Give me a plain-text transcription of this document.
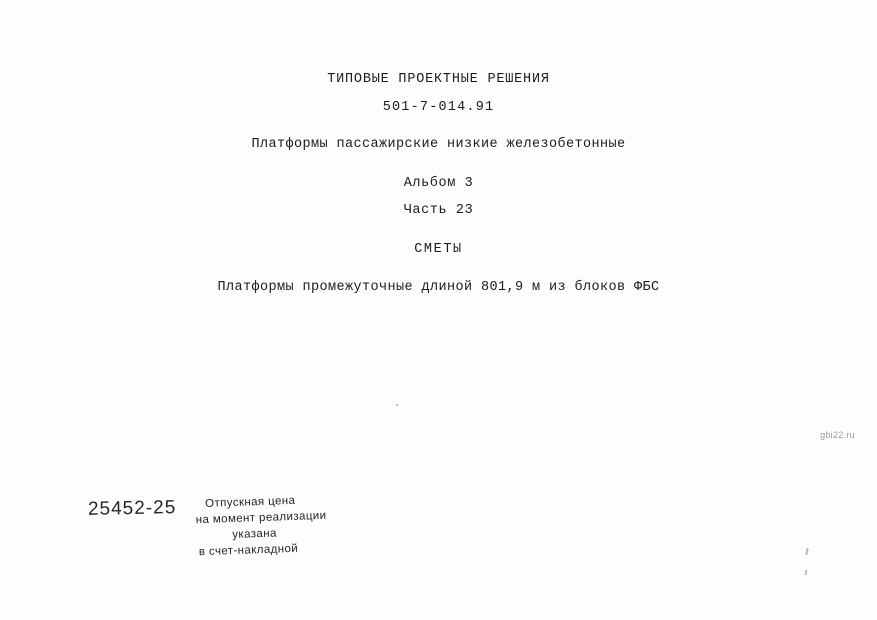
ТИПОВЫЕ ПРОЕКТНЫЕ РЕШЕНИЯ
501-7-014.91
Платформы пассажирские низкие железобетонные
Альбом 3
Часть 23
СМЕТЫ
Платформы промежуточные длиной 801,9 м из блоков ФБС
gbi22.ru
25452-25 Отпускная цена
на момент реализации
указана
в счет-накладной
